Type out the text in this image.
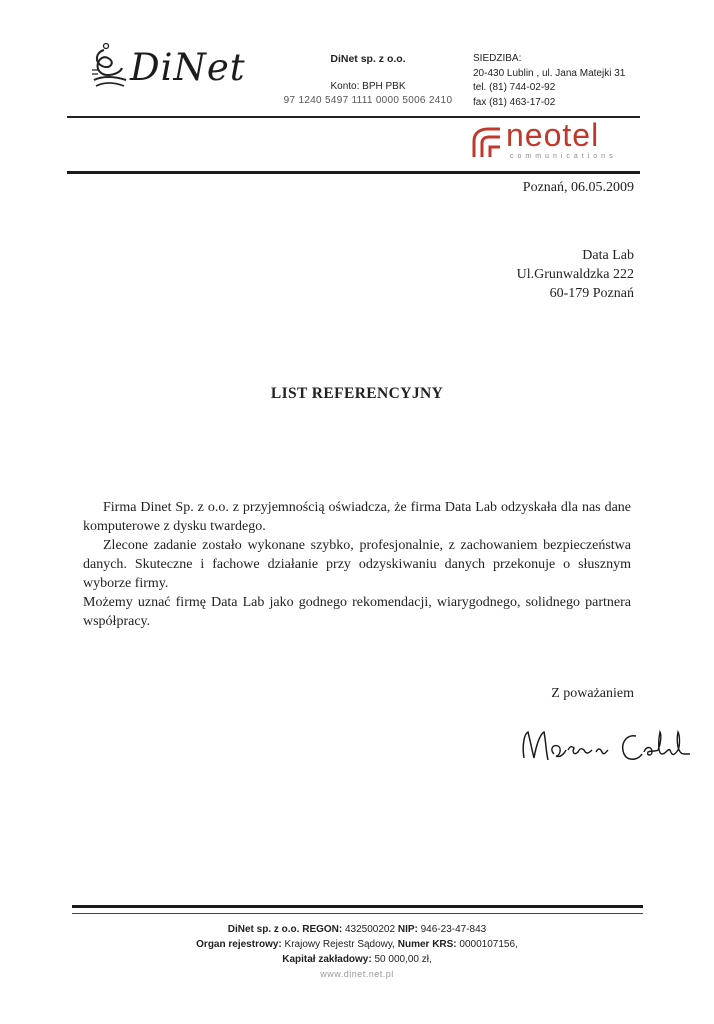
DiNet	DiNet sp. z o.o.
Konto: BPH PBK
97 1240 5497 1111 0000 5006 2410
SIEDZIBA:
20-430 Lublin , ul. Jana Matejki 31
tel. (81) 744-02-92
fax (81) 463-17-02
neotel
communications
Poznań, 06.05.2009
Data Lab
Ul.Grunwaldzka 222
60-179 Poznań
LIST REFERENCYJNY

Firma Dinet Sp. z o.o. z przyjemnością oświadcza, że firma Data Lab odzyskała dla nas dane komputerowe z dysku twardego.

Zlecone zadanie zostało wykonane szybko, profesjonalnie, z zachowaniem bezpieczeństwa danych. Skuteczne i fachowe działanie przy odzyskiwaniu danych przekonuje o słusznym wyborze firmy.

Możemy uznać firmę Data Lab jako godnego rekomendacji, wiarygodnego, solidnego partnera współpracy.

Z poważaniem
DiNet sp. z o.o. REGON: 432500202 NIP: 946-23-47-843
Organ rejestrowy: Krajowy Rejestr Sądowy, Numer KRS: 0000107156,
Kapitał zakładowy: 50 000,00 zł,
www.dinet.net.pl
